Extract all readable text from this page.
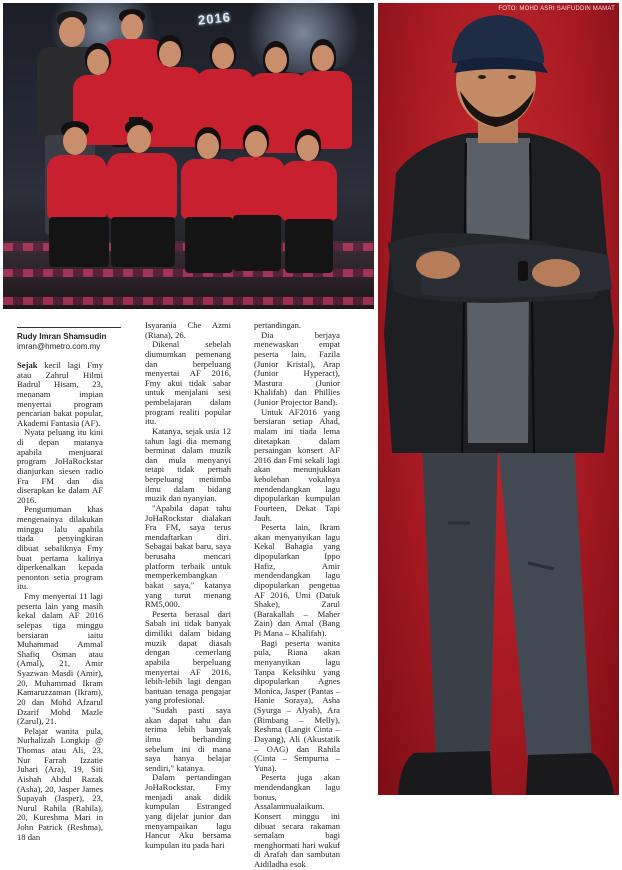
2016
FOTO: MOHD ASRI SAIFUDDIN MAMAT
Rudy Imran Shamsudin
imran@hmetro.com.my

Sejak kecil lagi Fmy atau Zahrul Hilmi Badrul Hisam, 23, menanam impian menyertai program pencarian bakat popular, Akademi Fantasia (AF).

Nyata peluang itu kini di depan matanya apabila menjuarai program JoHaRockstar dianjurkan siesen radio Fra FM dan dia diserapkan ke dalam AF 2016.

Pengumuman khas mengenainya dilakukan minggu lalu apabila tiada penyingkiran dibuat sebaliknya Fmy buat pertama kalinya diperkenalkan kepada penonton setia program itu.

Fmy menyertai 11 lagi peserta lain yang masih kekal dalam AF 2016 selepas tiga minggu bersiaran iaitu Muhammad Ammal Shafiq Osman atau (Amal), 21, Amir Syazwan Masdi (Amir), 20, Muhammad Ikram Kamaruzzaman (Ikram), 20 dan Mohd Afzarul Dzarif Mohd Mazle (Zarul), 21.

Pelajar wanita pula, Nurhalizah Longkip @ Thomas atau Ali, 23, Nur Farrah Izzatie Juhari (Ara), 19, Siti Aishah Abdul Razak (Asha), 20, Jasper James Supayah (Jasper), 23, Nurul Rahila (Rahila), 20, Kureshma Mari in John Patrick (Reshma), 18 dan

Isyarania Che Azmi (Riana), 26.

Dikenal sebelah diumumkan pemenang dan berpeluang menyertai AF 2016, Fmy akui tidak sabar untuk menjalani sesi pembelajaran dalam program realiti popular itu.

Katanya, sejak usia 12 tahun lagi dia memang berminat dalam muzik dan mula menyanyi tetapi tidak pernah berpeluang menimba ilmu dalam bidang muzik dan nyanyian.

"Apabila dapat tahu JoHaRockstar dialakan Fra FM, saya terus mendaftarkan diri. Sebagai bakat baru, saya berusaha mencari platform terbaik untuk memperkembangkan bakat saya," katanya yang turut menang RM5,000.

Peserta berasal dari Sabah ini tidak banyak dimiliki dalam bidang muzik dapat diasah dengan cemerlang apabila berpeluang menyertai AF 2016, lebih-lebih lagi dengan bantuan tenaga pengajar yang profesional.

"Sudah pasti saya akan dapat tahu dan terima lebih banyak ilmu berbanding sebelum ini di mana saya hanya belajar sendiri," katanya.

Dalam pertandingan JoHaRockstar, Fmy menjadi anak didik kumpulan Estranged yang dijelar junior dan menyampaikan lagu Hancur Aku bersama kumpulan itu pada hari

pertandingan.

Dia berjaya menewaskan empat peserta lain, Fazila (Junior Kristal), Arap (Junior Hyperact), Mastura (Junior Khalifah) dan Phillies (Junior Projector Band).

Untuk AF2016 yang bersiaran setiap Ahad, malam ini tiada lema ditetapkan dalam persaingan konsert AF 2016 dan Fmi sekali lagi akan menunjukkan kebolehan vokalnya mendendangkan lagu dipopularkan kumpulan Fourteen, Dekat Tapi Jauh.

Peserta lain, Ikram akan menyanyikan lagu Kekal Bahagia yang dipopularkan Ippo Hafiz, Amir mendendangkan lagu dipopularkan pengetua AF 2016, Umi (Datuk Shake), Zarul (Barakallah – Maher Zain) dan Amal (Bang Pi Mana – Khalifah).

Bagi peserta wanita pula, Riana akan menyanyikan lagu Tanpa Keksihku yang dipopularkan Agnes Monica, Jasper (Pantas – Hanie Soraya), Asha (Syurga – Alyah), Ara (Bimbang – Melly), Reshma (Langit Cinta – Dayang), Ali (Akustatik – OAG) dan Rahila (Cinta – Sempurna – Yuna).

Peserta juga akan mendendangkan lagu bonus, Assalammualaikum. Konsert minggu ini dibuat secara rakaman semalam bagi menghormati hari wukuf di Arafah dan sambutan Aidiladha esok
